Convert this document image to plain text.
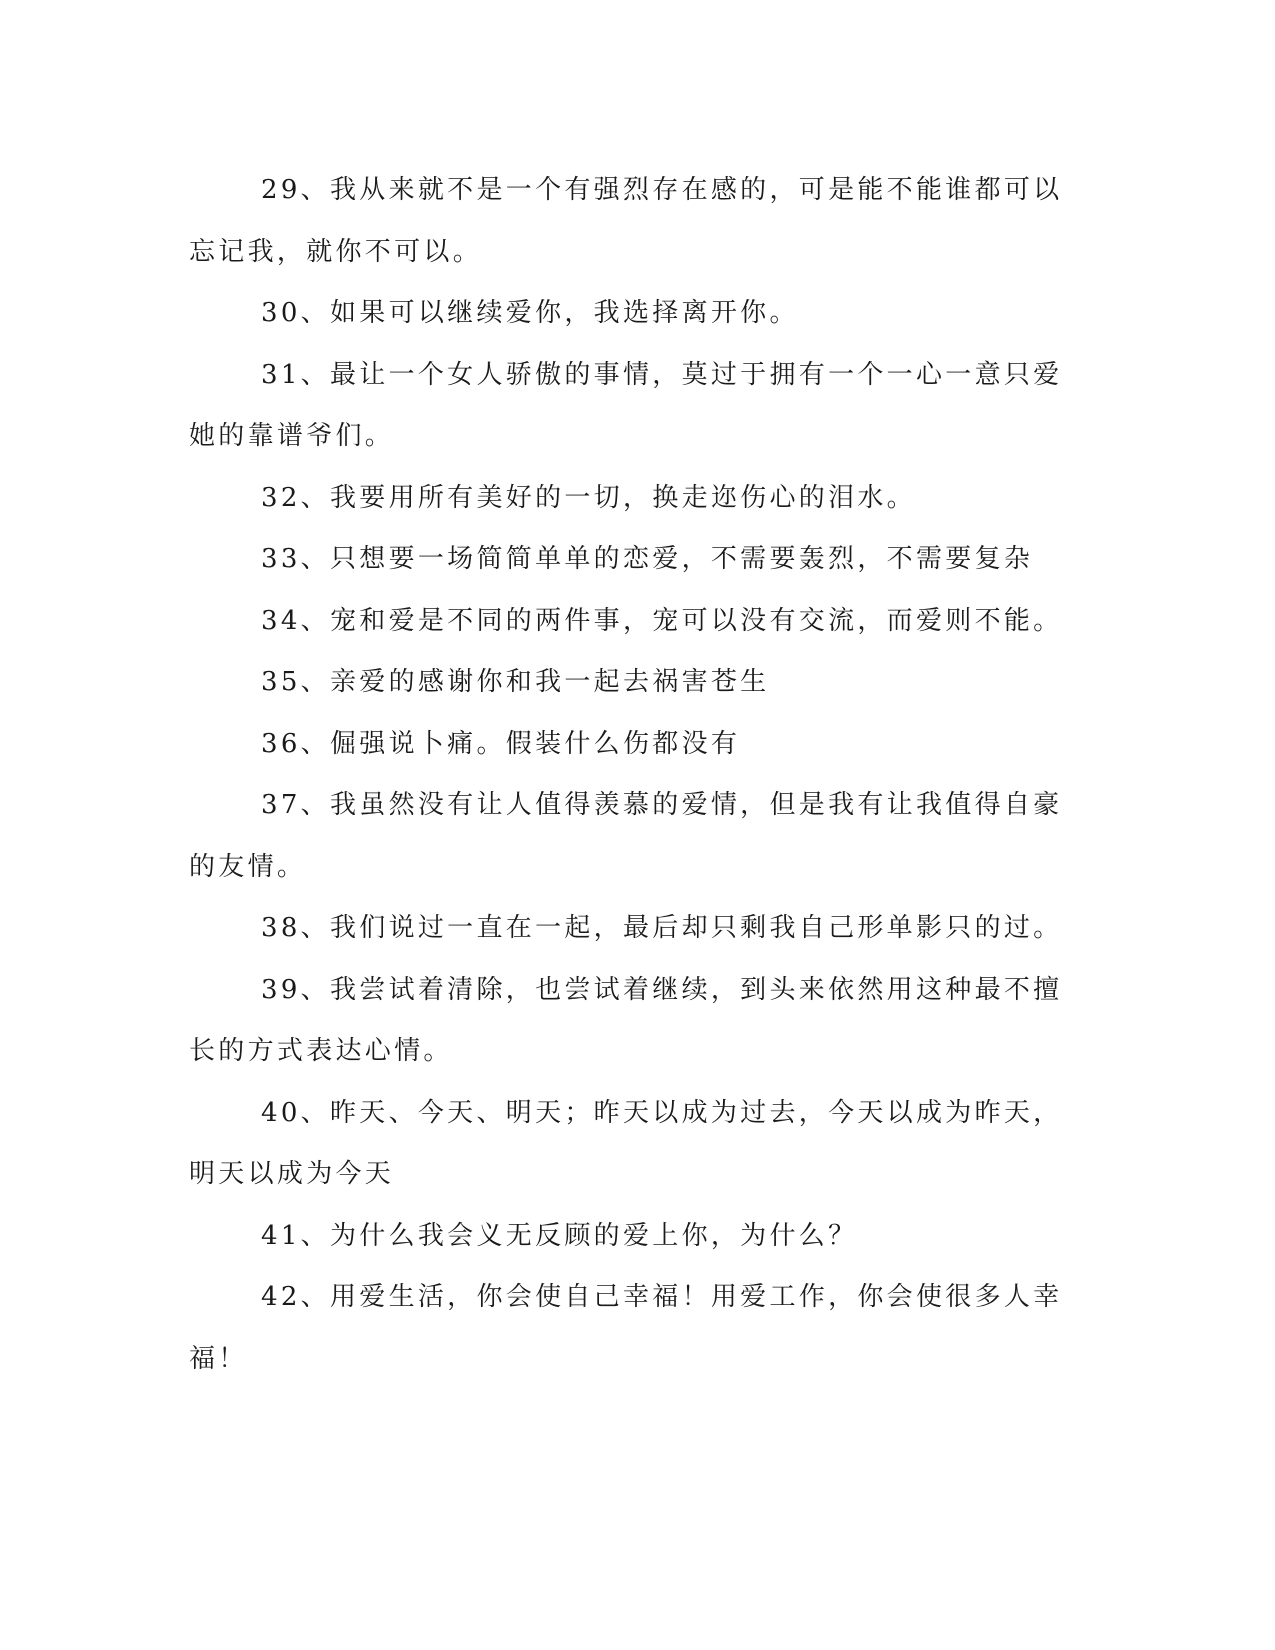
29、我从来就不是一个有强烈存在感的，可是能不能谁都可以忘记我，就你不可以。

30、如果可以继续爱你，我选择离开你。

31、最让一个女人骄傲的事情，莫过于拥有一个一心一意只爱她的靠谱爷们。

32、我要用所有美好的一切，换走迩伤心的泪水。

33、只想要一场简简单单的恋爱，不需要轰烈，不需要复杂

34、宠和爱是不同的两件事，宠可以没有交流，而爱则不能。

35、亲爱的感谢你和我一起去祸害苍生

36、倔强说卜痛。假装什么伤都没有

37、我虽然没有让人值得羡慕的爱情，但是我有让我值得自豪的友情。

38、我们说过一直在一起，最后却只剩我自己形单影只的过。

39、我尝试着清除，也尝试着继续，到头来依然用这种最不擅长的方式表达心情。

40、昨天、今天、明天；昨天以成为过去，今天以成为昨天，明天以成为今天

41、为什么我会义无反顾的爱上你，为什么？

42、用爱生活，你会使自己幸福！用爱工作，你会使很多人幸福！
